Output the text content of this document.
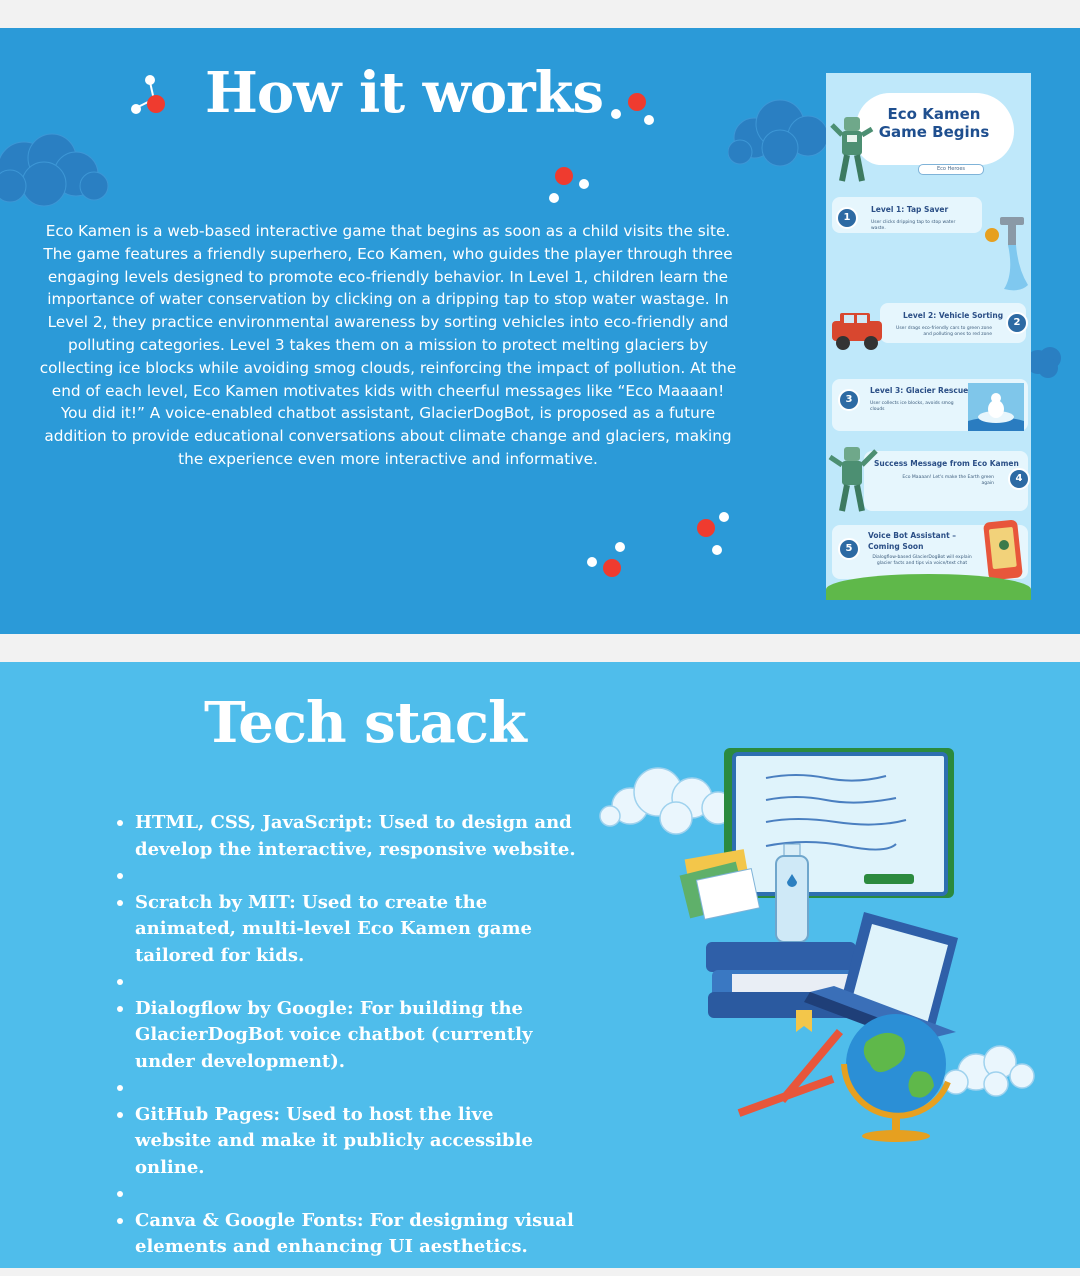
How it works

Eco Kamen is a web-based interactive game that begins as soon as a child visits the site. The game features a friendly superhero, Eco Kamen, who guides the player through three engaging levels designed to promote eco-friendly behavior. In Level 1, children learn the importance of water conservation by clicking on a dripping tap to stop water wastage. In Level 2, they practice environmental awareness by sorting vehicles into eco-friendly and polluting categories. Level 3 takes them on a mission to protect melting glaciers by collecting ice blocks while avoiding smog clouds, reinforcing the impact of pollution. At the end of each level, Eco Kamen motivates kids with cheerful messages like “Eco Maaaan! You did it!” A voice-enabled chatbot assistant, GlacierDogBot, is proposed as a future addition to provide educational conversations about climate change and glaciers, making the experience even more interactive and informative.

Eco Kamen Game Begins
Eco Heroes
1
Level 1: Tap Saver
User clicks dripping tap to stop water waste.
Level 2: Vehicle Sorting
User drags eco-friendly cars to green zone and polluting ones to red zone
2
3
Level 3: Glacier Rescue
User collects ice blocks, avoids smog clouds
Success Message from Eco Kamen
Eco Maaaan! Let's make the Earth green again	4
5
Voice Bot Assistant – Coming Soon
Dialogflow-based GlacierDogBot will explain glacier facts and tips via voice/text chat
Tech stack
HTML, CSS, JavaScript: Used to design and develop the interactive, responsive website.
Scratch by MIT: Used to create the animated, multi-level Eco Kamen game tailored for kids.
Dialogflow by Google: For building the GlacierDogBot voice chatbot (currently under development).
GitHub Pages: Used to host the live website and make it publicly accessible online.
Canva & Google Fonts: For designing visual elements and enhancing UI aesthetics.
